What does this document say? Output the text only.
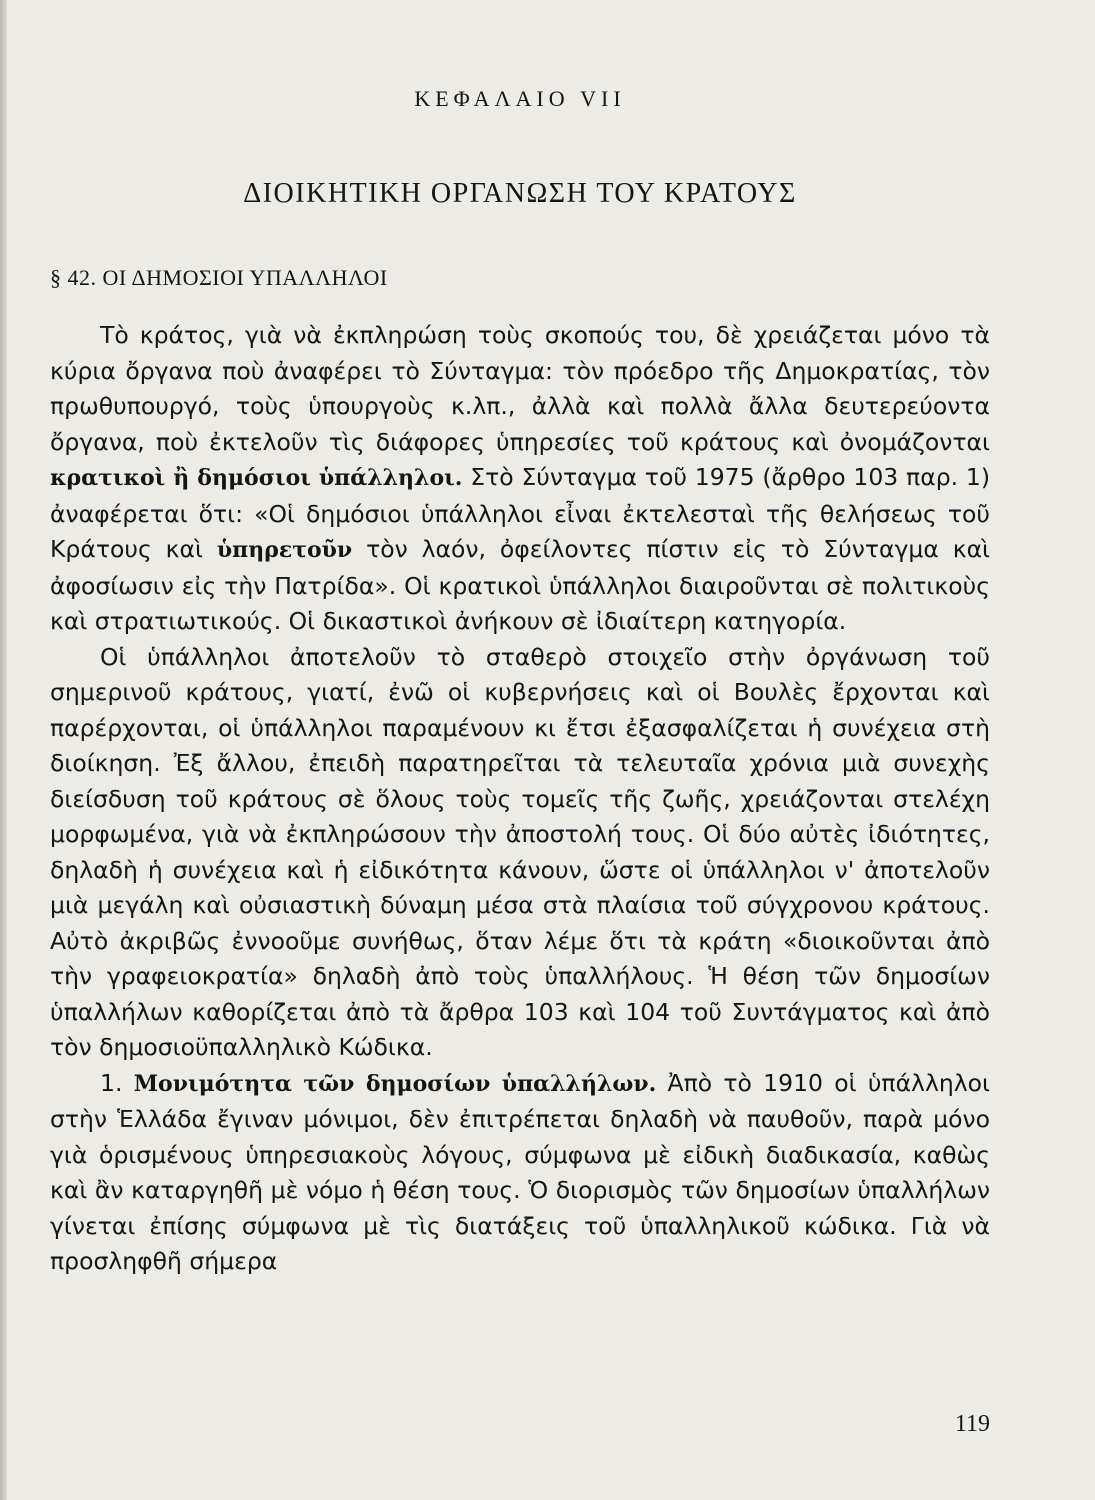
ΚΕΦΑΛΑΙΟ VII
ΔΙΟΙΚΗΤΙΚΗ ΟΡΓΑΝΩΣΗ ΤΟΥ ΚΡΑΤΟΥΣ
§ 42. ΟΙ ΔΗΜΟΣΙΟΙ ΥΠΑΛΛΗΛΟΙ

Τὸ κράτος, γιὰ νὰ ἐκπληρώση τοὺς σκοπούς του, δὲ χρειάζεται μόνο τὰ κύρια ὄργανα ποὺ ἀναφέρει τὸ Σύνταγμα: τὸν πρόεδρο τῆς Δημοκρατίας, τὸν πρωθυπουργό, τοὺς ὑπουργοὺς κ.λπ., ἀλλὰ καὶ πολλὰ ἄλλα δευτερεύοντα ὄργανα, ποὺ ἐκτελοῦν τὶς διάφορες ὑπηρεσίες τοῦ κράτους καὶ ὀνομάζονται κρατικοὶ ἢ δημόσιοι ὑπάλληλοι. Στὸ Σύνταγμα τοῦ 1975 (ἄρθρο 103 παρ. 1) ἀναφέρεται ὅτι: «Οἱ δημόσιοι ὑπάλληλοι εἶναι ἐκτελεσταὶ τῆς θελήσεως τοῦ Κράτους καὶ ὑπηρετοῦν τὸν λαόν, ὀφείλοντες πίστιν εἰς τὸ Σύνταγμα καὶ ἀφοσίωσιν εἰς τὴν Πατρίδα». Οἱ κρατικοὶ ὑπάλληλοι διαιροῦνται σὲ πολιτικοὺς καὶ στρατιωτικούς. Οἱ δικαστικοὶ ἀνήκουν σὲ ἰδιαίτερη κατηγορία.

Οἱ ὑπάλληλοι ἀποτελοῦν τὸ σταθερὸ στοιχεῖο στὴν ὀργάνωση τοῦ σημερινοῦ κράτους, γιατί, ἐνῶ οἱ κυβερνήσεις καὶ οἱ Βουλὲς ἔρχονται καὶ παρέρχονται, οἱ ὑπάλληλοι παραμένουν κι ἔτσι ἐξασφαλίζεται ἡ συνέχεια στὴ διοίκηση. Ἐξ ἄλλου, ἐπειδὴ παρατηρεῖται τὰ τελευταῖα χρόνια μιὰ συνεχὴς διείσδυση τοῦ κράτους σὲ ὅλους τοὺς τομεῖς τῆς ζωῆς, χρειάζονται στελέχη μορφωμένα, γιὰ νὰ ἐκπληρώσουν τὴν ἀποστολή τους. Οἱ δύο αὐτὲς ἰδιότητες, δηλαδὴ ἡ συνέχεια καὶ ἡ εἰδικότητα κάνουν, ὥστε οἱ ὑπάλληλοι ν' ἀποτελοῦν μιὰ μεγάλη καὶ οὐσιαστικὴ δύναμη μέσα στὰ πλαίσια τοῦ σύγχρονου κράτους. Αὐτὸ ἀκριβῶς ἐννοοῦμε συνήθως, ὅταν λέμε ὅτι τὰ κράτη «διοικοῦνται ἀπὸ τὴν γραφειοκρατία» δηλαδὴ ἀπὸ τοὺς ὑπαλλήλους. Ἡ θέση τῶν δημοσίων ὑπαλλήλων καθορίζεται ἀπὸ τὰ ἄρθρα 103 καὶ 104 τοῦ Συντάγματος καὶ ἀπὸ τὸν δημοσιοϋπαλληλικὸ Κώδικα.

1. Μονιμότητα τῶν δημοσίων ὑπαλλήλων. Ἀπὸ τὸ 1910 οἱ ὑπάλληλοι στὴν Ἑλλάδα ἔγιναν μόνιμοι, δὲν ἐπιτρέπεται δηλαδὴ νὰ παυθοῦν, παρὰ μόνο γιὰ ὁρισμένους ὑπηρεσιακοὺς λόγους, σύμφωνα μὲ εἰδικὴ διαδικασία, καθὼς καὶ ἂν καταργηθῆ μὲ νόμο ἡ θέση τους. Ὁ διορισμὸς τῶν δημοσίων ὑπαλλήλων γίνεται ἐπίσης σύμφωνα μὲ τὶς διατάξεις τοῦ ὑπαλληλικοῦ κώδικα. Γιὰ νὰ προσληφθῆ σήμερα

119
